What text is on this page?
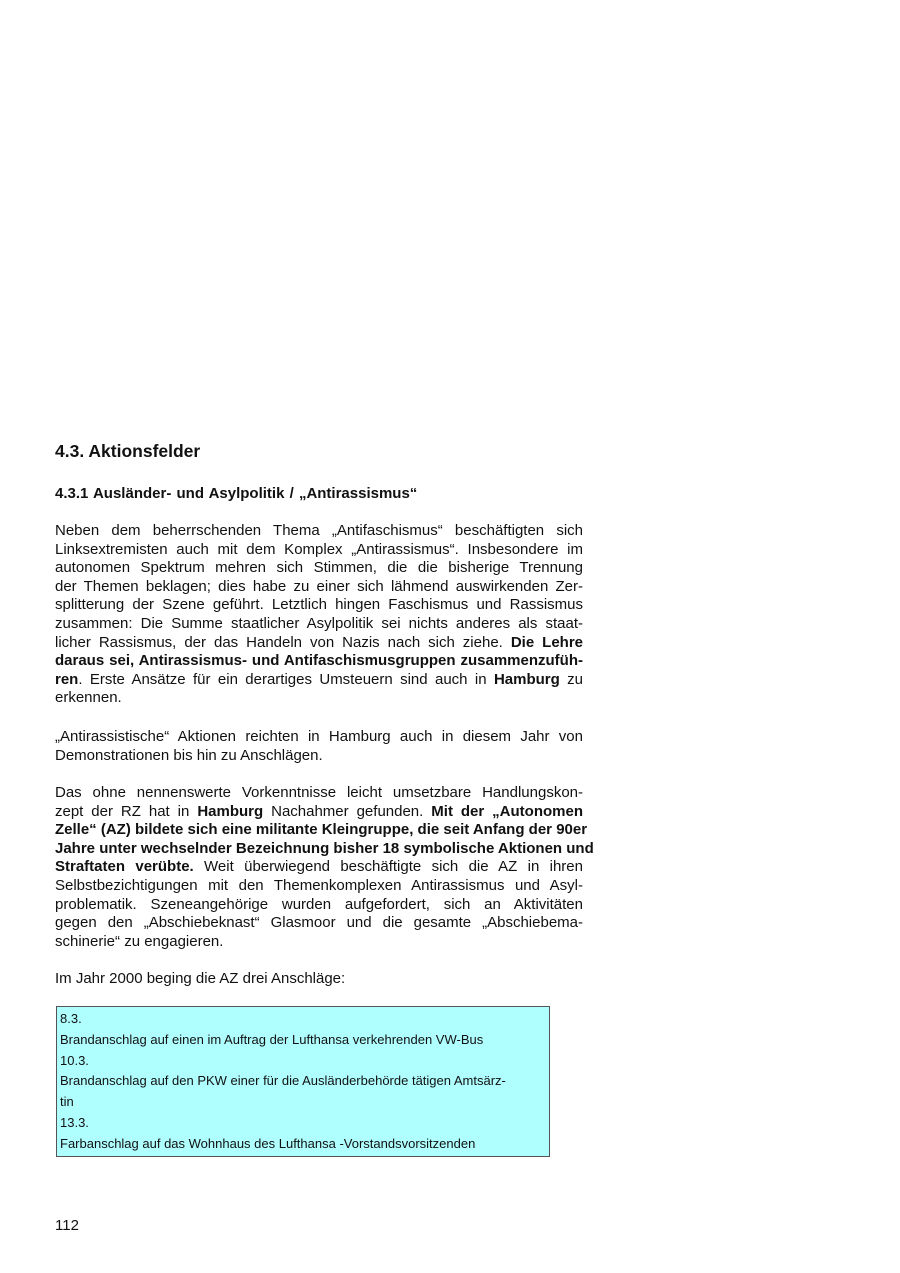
4.3. Aktionsfelder
4.3.1 Ausländer- und Asylpolitik / „Antirassismus“
Neben dem beherrschenden Thema „Antifaschismus“ beschäftigten sich
Linksextremisten auch mit dem Komplex „Antirassismus“. Insbesondere im
autonomen Spektrum mehren sich Stimmen, die die bisherige Trennung
der Themen beklagen; dies habe zu einer sich lähmend auswirkenden Zer-
splitterung der Szene geführt. Letztlich hingen Faschismus und Rassismus
zusammen: Die Summe staatlicher Asylpolitik sei nichts anderes als staat-
licher Rassismus, der das Handeln von Nazis nach sich ziehe. Die Lehre
daraus sei, Antirassismus- und Antifaschismusgruppen zusammenzufüh-
ren. Erste Ansätze für ein derartiges Umsteuern sind auch in Hamburg zu
erkennen.
„Antirassistische“ Aktionen reichten in Hamburg auch in diesem Jahr von
Demonstrationen bis hin zu Anschlägen.
Das ohne nennenswerte Vorkenntnisse leicht umsetzbare Handlungskon-
zept der RZ hat in Hamburg Nachahmer gefunden. Mit der „Autonomen
Zelle“ (AZ) bildete sich eine militante Kleingruppe, die seit Anfang der 90er
Jahre unter wechselnder Bezeichnung bisher 18 symbolische Aktionen und
Straftaten verübte. Weit überwiegend beschäftigte sich die AZ in ihren
Selbstbezichtigungen mit den Themenkomplexen Antirassismus und Asyl-
problematik. Szeneangehörige wurden aufgefordert, sich an Aktivitäten
gegen den „Abschiebeknast“ Glasmoor und die gesamte „Abschiebema-
schinerie“ zu engagieren.
Im Jahr 2000 beging die AZ drei Anschläge:
8.3.
Brandanschlag auf einen im Auftrag der Lufthansa verkehrenden VW-Bus
10.3.
Brandanschlag auf den PKW einer für die Ausländerbehörde tätigen Amtsärz-
tin
13.3.
Farbanschlag auf das Wohnhaus des Lufthansa -Vorstandsvorsitzenden
112
